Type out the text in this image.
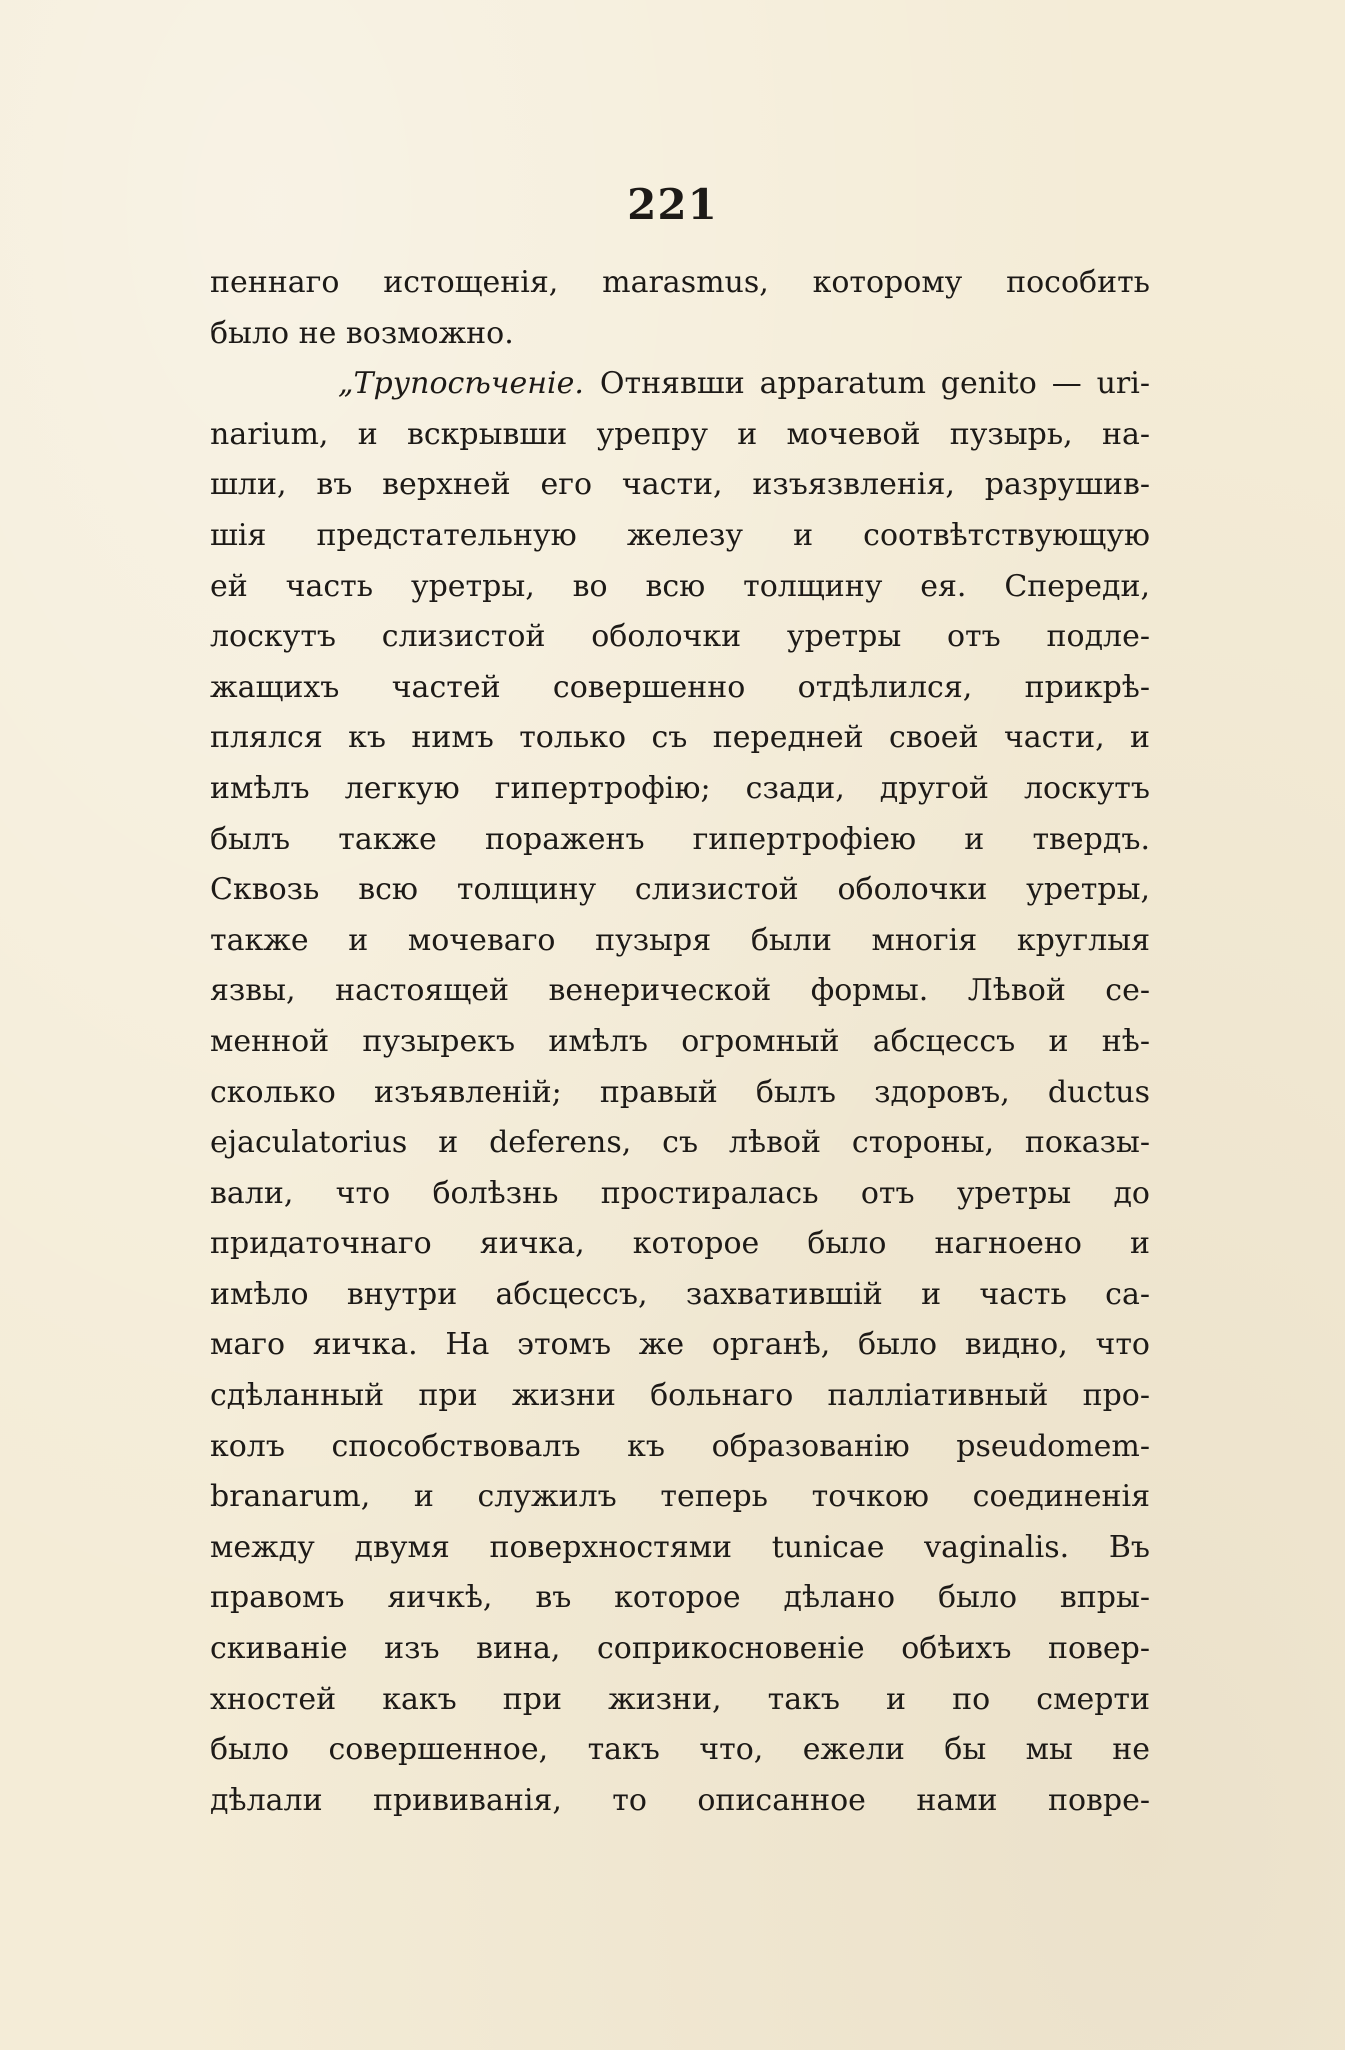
221
пеннаго истощенія, marasmus, которому пособить
было не возможно.
„Трупосѣченіе. Отнявши apparatum genito — uri-
narium, и вскрывши урепру и мочевой пузырь, на-
шли, въ верхней его части, изъязвленія, разрушив-
шія предстательную железу и соотвѣтствующую
ей часть уретры, во всю толщину ея. Спереди,
лоскутъ слизистой оболочки уретры отъ подле-
жащихъ частей совершенно отдѣлился, прикрѣ-
плялся къ нимъ только съ передней своей части, и
имѣлъ легкую гипертрофію; сзади, другой лоскутъ
былъ также пораженъ гипертрофіею и твердъ.
Сквозь всю толщину слизистой оболочки уретры,
также и мочеваго пузыря были многія круглыя
язвы, настоящей венерической формы. Лѣвой се-
менной пузырекъ имѣлъ огромный абсцессъ и нѣ-
сколько изъявленій; правый былъ здоровъ, ductus
ejaculatorius и deferens, съ лѣвой стороны, показы-
вали, что болѣзнь простиралась отъ уретры до
придаточнаго яичка, которое было нагноено и
имѣло внутри абсцессъ, захватившій и часть са-
маго яичка. На этомъ же органѣ, было видно, что
сдѣланный при жизни больнаго палліативный про-
колъ способствовалъ къ образованію pseudomem-
branarum, и служилъ теперь точкою соединенія
между двумя поверхностями tunicae vaginalis. Въ
правомъ яичкѣ, въ которое дѣлано было впры-
скиваніе изъ вина, соприкосновеніе обѣихъ повер-
хностей какъ при жизни, такъ и по смерти
было совершенное, такъ что, ежели бы мы не
дѣлали прививанія, то описанное нами повре-
